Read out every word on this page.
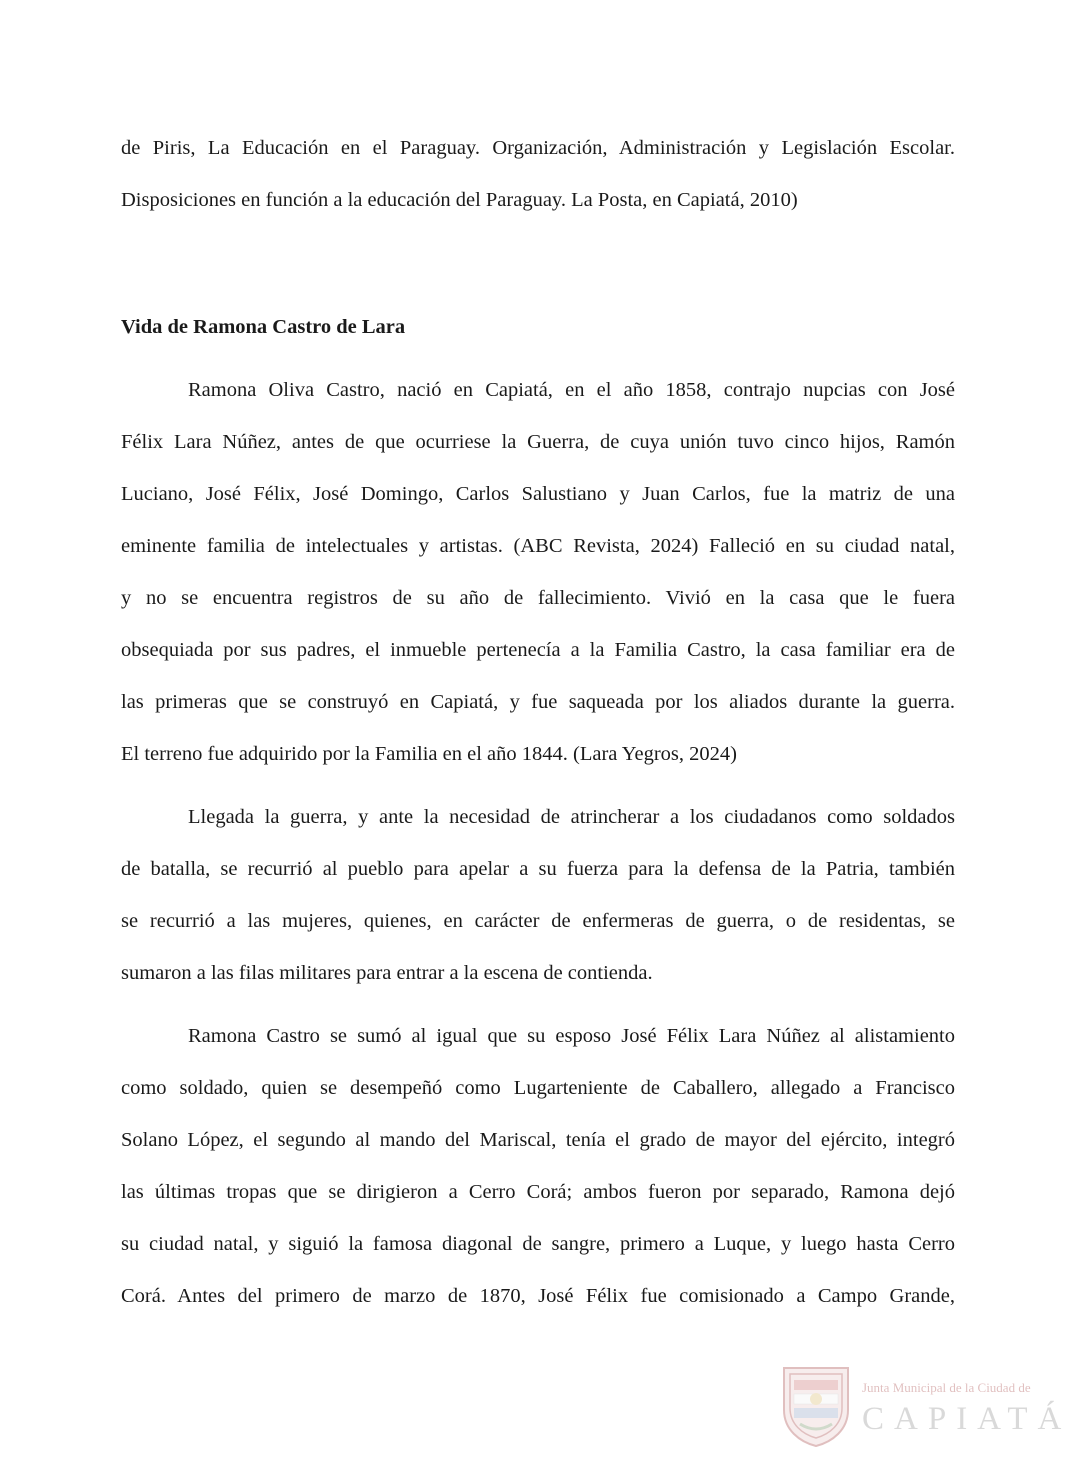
de Piris, La Educación en el Paraguay. Organización, Administración y Legislación Escolar.
Disposiciones en función a la educación del Paraguay. La Posta, en Capiatá, 2010)
Vida de Ramona Castro de Lara
Ramona Oliva Castro, nació en Capiatá, en el año 1858, contrajo nupcias con José
Félix Lara Núñez, antes de que ocurriese la Guerra, de cuya unión tuvo cinco hijos, Ramón
Luciano, José Félix, José Domingo, Carlos Salustiano y Juan Carlos, fue la matriz de una
eminente familia de intelectuales y artistas. (ABC Revista, 2024) Falleció en su ciudad natal,
y no se encuentra registros de su año de fallecimiento. Vivió en la casa que le fuera
obsequiada por sus padres, el inmueble pertenecía a la Familia Castro, la casa familiar era de
las primeras que se construyó en Capiatá, y fue saqueada por los aliados durante la guerra.
El terreno fue adquirido por la Familia en el año 1844. (Lara Yegros, 2024)
Llegada la guerra, y ante la necesidad de atrincherar a los ciudadanos como soldados
de batalla, se recurrió al pueblo para apelar a su fuerza para la defensa de la Patria, también
se recurrió a las mujeres, quienes, en carácter de enfermeras de guerra, o de residentas, se
sumaron a las filas militares para entrar a la escena de contienda.
Ramona Castro se sumó al igual que su esposo José Félix Lara Núñez al alistamiento
como soldado, quien se desempeñó como Lugarteniente de Caballero, allegado a Francisco
Solano López, el segundo al mando del Mariscal, tenía el grado de mayor del ejército, integró
las últimas tropas que se dirigieron a Cerro Corá; ambos fueron por separado, Ramona dejó
su ciudad natal, y siguió la famosa diagonal de sangre, primero a Luque, y luego hasta Cerro
Corá. Antes del primero de marzo de 1870, José Félix fue comisionado a Campo Grande,
Junta Municipal de la Ciudad de
CAPIATÁ
